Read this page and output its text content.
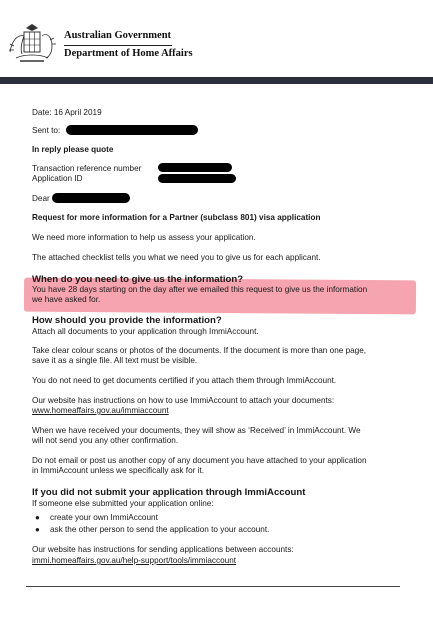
Australian Government
Department of Home Affairs
Date: 16 April 2019
Sent to:
In reply please quote
Transaction reference number
Application ID
Dear
Request for more information for a Partner (subclass 801) visa application
We need more information to help us assess your application.
The attached checklist tells you what we need you to give us for each applicant.
When do you need to give us the information?
You have 28 days starting on the day after we emailed this request to give us the information
we have asked for.
How should you provide the information?
Attach all documents to your application through ImmiAccount.
Take clear colour scans or photos of the documents. If the document is more than one page,
save it as a single file. All text must be visible.
You do not need to get documents certified if you attach them through ImmiAccount.
Our website has instructions on how to use ImmiAccount to attach your documents:
www.homeaffairs.gov.au/immiaccount
When we have received your documents, they will show as ‘Received’ in ImmiAccount. We
will not send you any other confirmation.
Do not email or post us another copy of any document you have attached to your application
in ImmiAccount unless we specifically ask for it.
If you did not submit your application through ImmiAccount
If someone else submitted your application online:
● create your own ImmiAccount
● ask the other person to send the application to your account.
Our website has instructions for sending applications between accounts:
immi.homeaffairs.gov.au/help-support/tools/immiaccount
